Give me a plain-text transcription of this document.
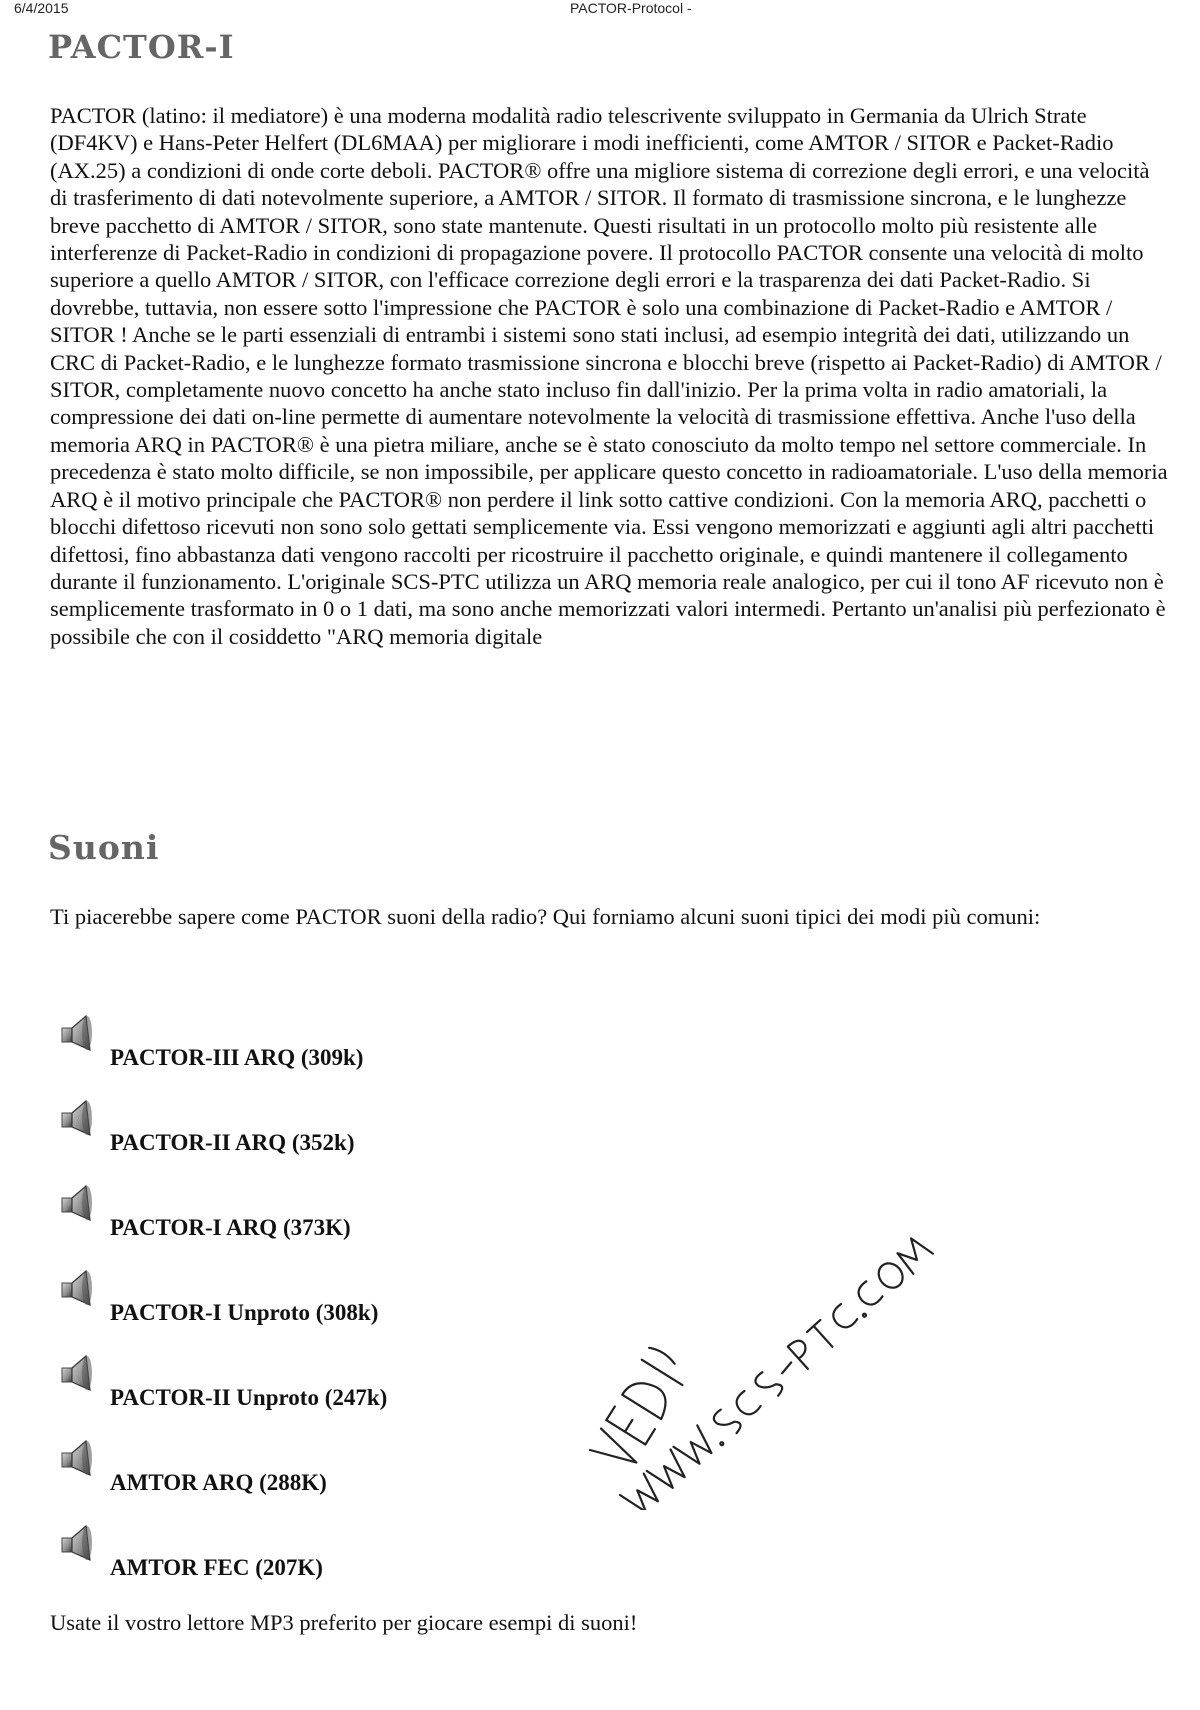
6/4/2015	PACTOR-Protocol -
PACTOR-I

PACTOR (latino: il mediatore) è una moderna modalità radio telescrivente sviluppato in Germania da Ulrich Strate (DF4KV) e Hans-Peter Helfert (DL6MAA) per migliorare i modi inefficienti, come AMTOR / SITOR e Packet-Radio (AX.25) a condizioni di onde corte deboli. PACTOR® offre una migliore sistema di correzione degli errori, e una velocità di trasferimento di dati notevolmente superiore, a AMTOR / SITOR. Il formato di trasmissione sincrona, e le lunghezze breve pacchetto di AMTOR / SITOR, sono state mantenute. Questi risultati in un protocollo molto più resistente alle interferenze di Packet-Radio in condizioni di propagazione povere. Il protocollo PACTOR consente una velocità di molto superiore a quello AMTOR / SITOR, con l'efficace correzione degli errori e la trasparenza dei dati Packet-Radio. Si dovrebbe, tuttavia, non essere sotto l'impressione che PACTOR è solo una combinazione di Packet-Radio e AMTOR / SITOR ! Anche se le parti essenziali di entrambi i sistemi sono stati inclusi, ad esempio integrità dei dati, utilizzando un CRC di Packet-Radio, e le lunghezze formato trasmissione sincrona e blocchi breve (rispetto ai Packet-Radio) di AMTOR / SITOR, completamente nuovo concetto ha anche stato incluso fin dall'inizio. Per la prima volta in radio amatoriali, la compressione dei dati on-line permette di aumentare notevolmente la velocità di trasmissione effettiva. Anche l'uso della memoria ARQ in PACTOR® è una pietra miliare, anche se è stato conosciuto da molto tempo nel settore commerciale. In precedenza è stato molto difficile, se non impossibile, per applicare questo concetto in radioamatoriale. L'uso della memoria ARQ è il motivo principale che PACTOR® non perdere il link sotto cattive condizioni. Con la memoria ARQ, pacchetti o blocchi difettoso ricevuti non sono solo gettati semplicemente via. Essi vengono memorizzati e aggiunti agli altri pacchetti difettosi, fino abbastanza dati vengono raccolti per ricostruire il pacchetto originale, e quindi mantenere il collegamento durante il funzionamento. L'originale SCS-PTC utilizza un ARQ memoria reale analogico, per cui il tono AF ricevuto non è semplicemente trasformato in 0 o 1 dati, ma sono anche memorizzati valori intermedi. Pertanto un'analisi più perfezionato è possibile che con il cosiddetto "ARQ memoria digitale

Suoni

Ti piacerebbe sapere come PACTOR suoni della radio? Qui forniamo alcuni suoni tipici dei modi più comuni:

PACTOR-III ARQ (309k)
PACTOR-II ARQ (352k)
PACTOR-I ARQ (373K)
PACTOR-I Unproto (308k)
PACTOR-II Unproto (247k)
AMTOR ARQ (288K)
AMTOR FEC (207K)

Usate il vostro lettore MP3 preferito per giocare esempi di suoni!
